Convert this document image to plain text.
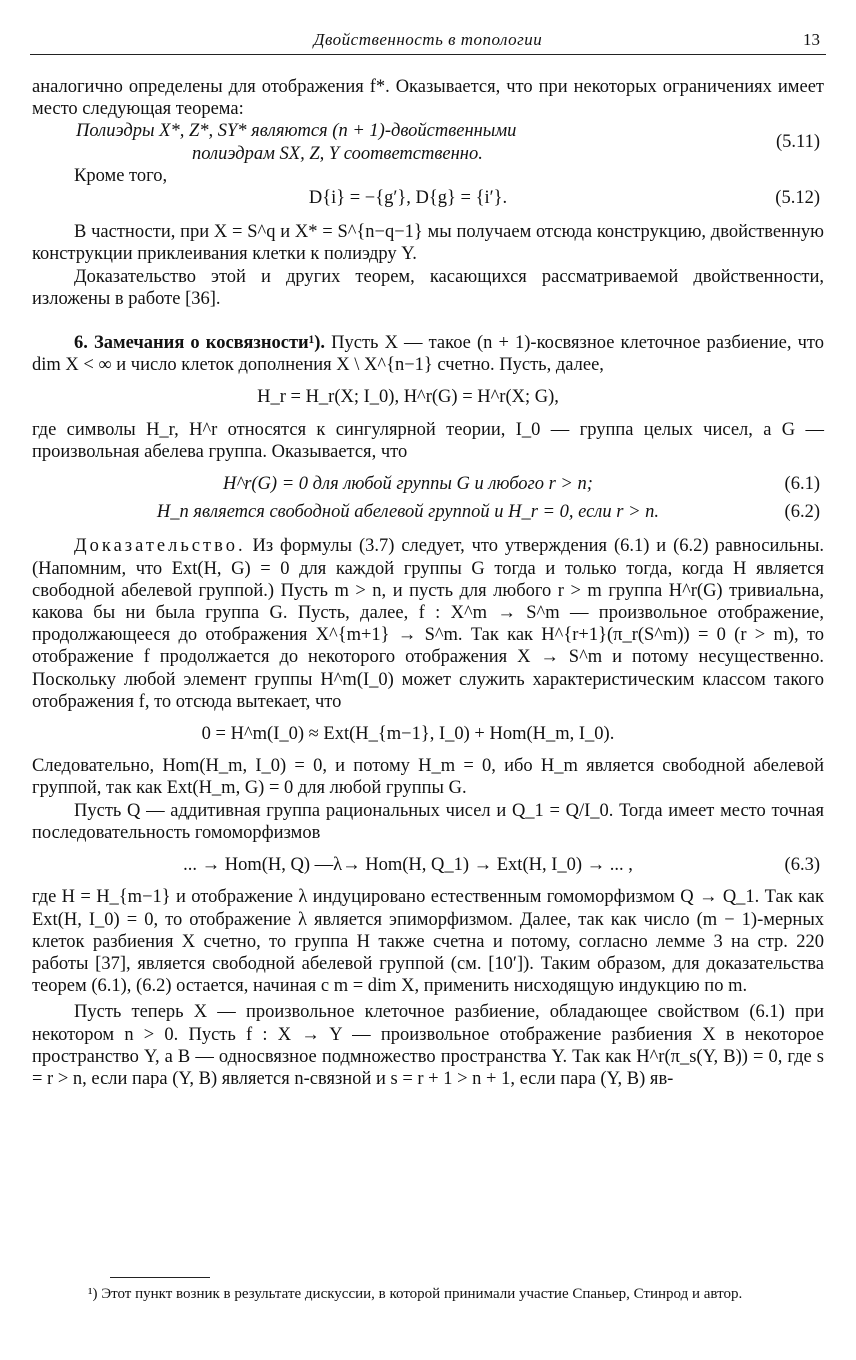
Двойственность в топологии	13

аналогично определены для отображения f*. Оказывается, что при некоторых ограничениях имеет место следующая теорема:

Полиэдры X*, Z*, SY* являются (n + 1)-двойственными
полиэдрам SX, Z, Y соответственно.
(5.11)

Кроме того,

D{i} = −{g′}, D{g} = {i′}.	(5.12)

В частности, при X = S^q и X* = S^{n−q−1} мы получаем отсюда конструкцию, двойственную конструкции приклеивания клетки к полиэдру Y.

Доказательство этой и других теорем, касающихся рассматриваемой двойственности, изложены в работе [36].

6. Замечания о косвязности¹). Пусть X — такое (n + 1)-косвязное клеточное разбиение, что dim X < ∞ и число клеток дополнения X \ X^{n−1} счетно. Пусть, далее,

H_r = H_r(X; I_0), H^r(G) = H^r(X; G),

где символы H_r, H^r относятся к сингулярной теории, I_0 — группа целых чисел, а G — произвольная абелева группа. Оказывается, что

H^r(G) = 0 для любой группы G и любого r > n;	(6.1)
H_n является свободной абелевой группой и H_r = 0, если r > n.	(6.2)

Доказательство. Из формулы (3.7) следует, что утверждения (6.1) и (6.2) равносильны. (Напомним, что Ext(H, G) = 0 для каждой группы G тогда и только тогда, когда H является свободной абелевой группой.) Пусть m > n, и пусть для любого r > m группа H^r(G) тривиальна, какова бы ни была группа G. Пусть, далее, f : X^m → S^m — произвольное отображение, продолжающееся до отображения X^{m+1} → S^m. Так как H^{r+1}(π_r(S^m)) = 0 (r > m), то отображение f продолжается до некоторого отображения X → S^m и потому несущественно. Поскольку любой элемент группы H^m(I_0) может служить характеристическим классом такого отображения f, то отсюда вытекает, что

0 = H^m(I_0) ≈ Ext(H_{m−1}, I_0) + Hom(H_m, I_0).

Следовательно, Hom(H_m, I_0) = 0, и потому H_m = 0, ибо H_m является свободной абелевой группой, так как Ext(H_m, G) = 0 для любой группы G.

Пусть Q — аддитивная группа рациональных чисел и Q_1 = Q/I_0. Тогда имеет место точная последовательность гомоморфизмов

... → Hom(H, Q) —λ→ Hom(H, Q_1) → Ext(H, I_0) → ... ,	(6.3)

где H = H_{m−1} и отображение λ индуцировано естественным гомоморфизмом Q → Q_1. Так как Ext(H, I_0) = 0, то отображение λ является эпиморфизмом. Далее, так как число (m − 1)-мерных клеток разбиения X счетно, то группа H также счетна и потому, согласно лемме 3 на стр. 220 работы [37], является свободной абелевой группой (см. [10′]). Таким образом, для доказательства теорем (6.1), (6.2) остается, начиная с m = dim X, применить нисходящую индукцию по m.

Пусть теперь X — произвольное клеточное разбиение, обладающее свойством (6.1) при некотором n > 0. Пусть f : X → Y — произвольное отображение разбиения X в некоторое пространство Y, а B — односвязное подмножество пространства Y. Так как H^r(π_s(Y, B)) = 0, где s = r > n, если пара (Y, B) является n-связной и s = r + 1 > n + 1, если пара (Y, B) яв-

¹) Этот пункт возник в результате дискуссии, в которой принимали участие Спаньер, Стинрод и автор.
